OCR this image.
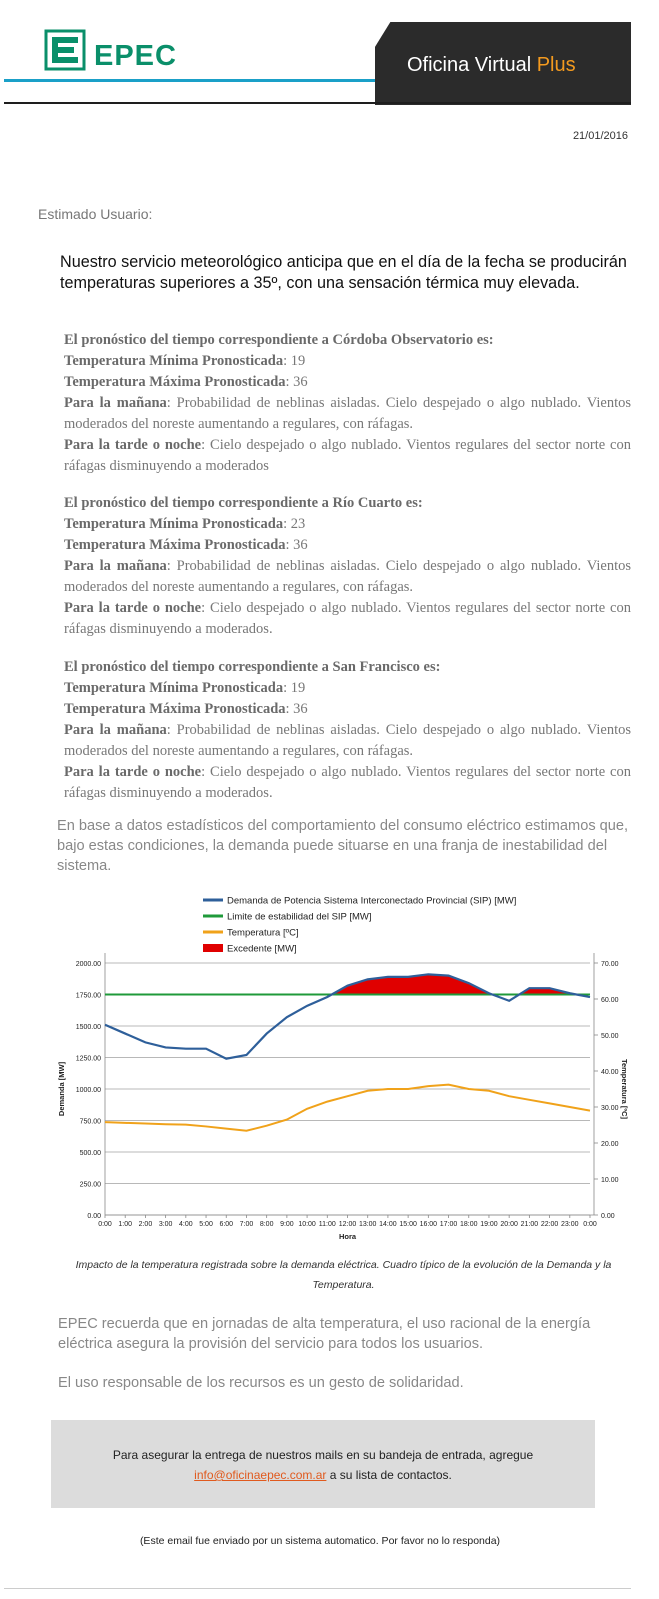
EPEC	Oficina Virtual Plus
21/01/2016
Estimado Usuario:
Nuestro servicio meteorológico anticipa que en el día de la fecha se producirán temperaturas superiores a 35º, con una sensación térmica muy elevada.

El pronóstico del tiempo correspondiente a Córdoba Observatorio es:

Temperatura Mínima Pronosticada: 19

Temperatura Máxima Pronosticada: 36

Para la mañana: Probabilidad de neblinas aisladas. Cielo despejado o algo nublado. Vientos moderados del noreste aumentando a regulares, con ráfagas.

Para la tarde o noche: Cielo despejado o algo nublado. Vientos regulares del sector norte con ráfagas disminuyendo a moderados

El pronóstico del tiempo correspondiente a Río Cuarto es:

Temperatura Mínima Pronosticada: 23

Temperatura Máxima Pronosticada: 36

Para la mañana: Probabilidad de neblinas aisladas. Cielo despejado o algo nublado. Vientos moderados del noreste aumentando a regulares, con ráfagas.

Para la tarde o noche: Cielo despejado o algo nublado. Vientos regulares del sector norte con ráfagas disminuyendo a moderados.

El pronóstico del tiempo correspondiente a San Francisco es:

Temperatura Mínima Pronosticada: 19

Temperatura Máxima Pronosticada: 36

Para la mañana: Probabilidad de neblinas aisladas. Cielo despejado o algo nublado. Vientos moderados del noreste aumentando a regulares, con ráfagas.

Para la tarde o noche: Cielo despejado o algo nublado. Vientos regulares del sector norte con ráfagas disminuyendo a moderados.

En base a datos estadísticos del comportamiento del consumo eléctrico estimamos que, bajo estas condiciones, la demanda puede situarse en una franja de inestabilidad del sistema.
Demanda de Potencia Sistema Interconectado Provincial (SIP) [MW]
Limite de estabilidad del SIP [MW]
Temperatura [ºC]
Excedente [MW]
0.00
250.00
500.00
750.00
1000.00
1250.00
1500.00
1750.00
2000.00
0.00
10.00
20.00
30.00
40.00
50.00
60.00
70.00
0:00 1:00 2:00 3:00 4:00 5:00 6:00 7:00 8:00 9:00 10:00 11:00 12:00 13:00 14:00 15:00 16:00 17:00 18:00 19:00 20:00 21:00 22:00 23:00 0:00
Hora
Demanda [MW]	Temperatura [ºC]
Impacto de la temperatura registrada sobre la demanda eléctrica. Cuadro típico de la evolución de la Demanda y la Temperatura.
EPEC recuerda que en jornadas de alta temperatura, el uso racional de la energía eléctrica asegura la provisión del servicio para todos los usuarios.
El uso responsable de los recursos es un gesto de solidaridad.
Para asegurar la entrega de nuestros mails en su bandeja de entrada, agregue
info@oficinaepec.com.ar a su lista de contactos.
(Este email fue enviado por un sistema automatico. Por favor no lo responda)
